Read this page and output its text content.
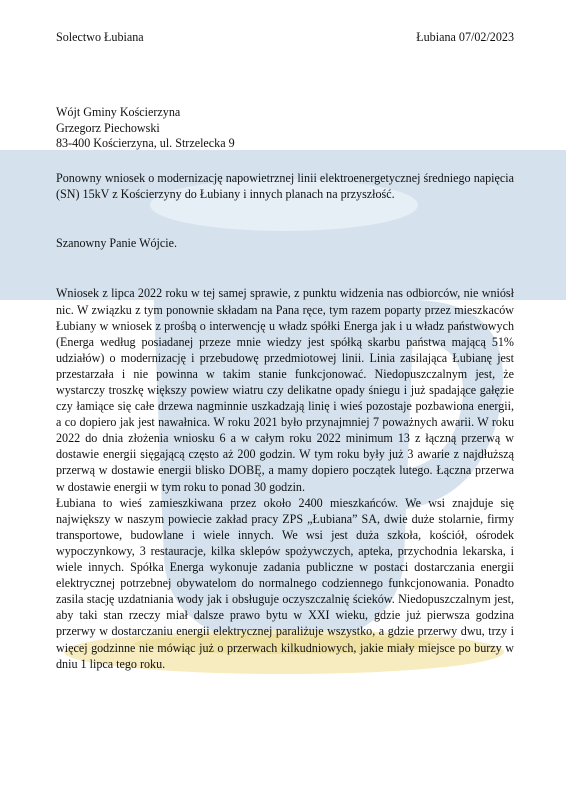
Solectwo Łubiana	Łubiana 07/02/2023
Wójt Gminy Kościerzyna
Grzegorz Piechowski
83-400 Kościerzyna, ul. Strzelecka 9
Ponowny wniosek o modernizację napowietrznej linii elektroenergetycznej średniego napięcia (SN) 15kV z Kościerzyny do Łubiany i innych planach na przyszłość.
Szanowny Panie Wójcie.

Wniosek z lipca 2022 roku w tej samej sprawie, z punktu widzenia nas odbiorców, nie wniósł nic. W związku z tym ponownie składam na Pana ręce, tym razem poparty przez mieszkaców Łubiany w wniosek z prośbą o interwencję u władz spółki Energa jak i u władz państwowych (Energa według posiadanej przeze mnie wiedzy jest spółką skarbu państwa mającą 51% udziałów) o modernizację i przebudowę przedmiotowej linii. Linia zasilająca Łubianę jest przestarzała i nie powinna w takim stanie funkcjonować. Niedopuszczalnym jest, że wystarczy troszkę większy powiew wiatru czy delikatne opady śniegu i już spadające gałęzie czy łamiące się całe drzewa nagminnie uszkadzają linię i wieś pozostaje pozbawiona energii, a co dopiero jak jest nawałnica. W roku 2021 było przynajmniej 7 poważnych awarii. W roku 2022 do dnia złożenia wniosku 6 a w całym roku 2022 minimum 13 z łączną przerwą w dostawie energii sięgającą często aż 200 godzin. W tym roku były już 3 awarie z najdłuższą przerwą w dostawie energii blisko DOBĘ, a mamy dopiero początek lutego. Łączna przerwa w dostawie energii w tym roku to ponad 30 godzin.

Łubiana to wieś zamieszkiwana przez około 2400 mieszkańców. We wsi znajduje się największy w naszym powiecie zakład pracy ZPS „Łubiana” SA, dwie duże stolarnie, firmy transportowe, budowlane i wiele innych. We wsi jest duża szkoła, kościół, ośrodek wypoczynkowy, 3 restauracje, kilka sklepów spożywczych, apteka, przychodnia lekarska, i wiele innych. Spółka Energa wykonuje zadania publiczne w postaci dostarczania energii elektrycznej potrzebnej obywatelom do normalnego codziennego funkcjonowania. Ponadto zasila stację uzdatniania wody jak i obsługuje oczyszczalnię ścieków. Niedopuszczalnym jest, aby taki stan rzeczy miał dalsze prawo bytu w XXI wieku, gdzie już pierwsza godzina przerwy w dostarczaniu energii elektrycznej paraliżuje wszystko, a gdzie przerwy dwu, trzy i więcej godzinne nie mówiąc już o przerwach kilkudniowych, jakie miały miejsce po burzy w dniu 1 lipca tego roku.
